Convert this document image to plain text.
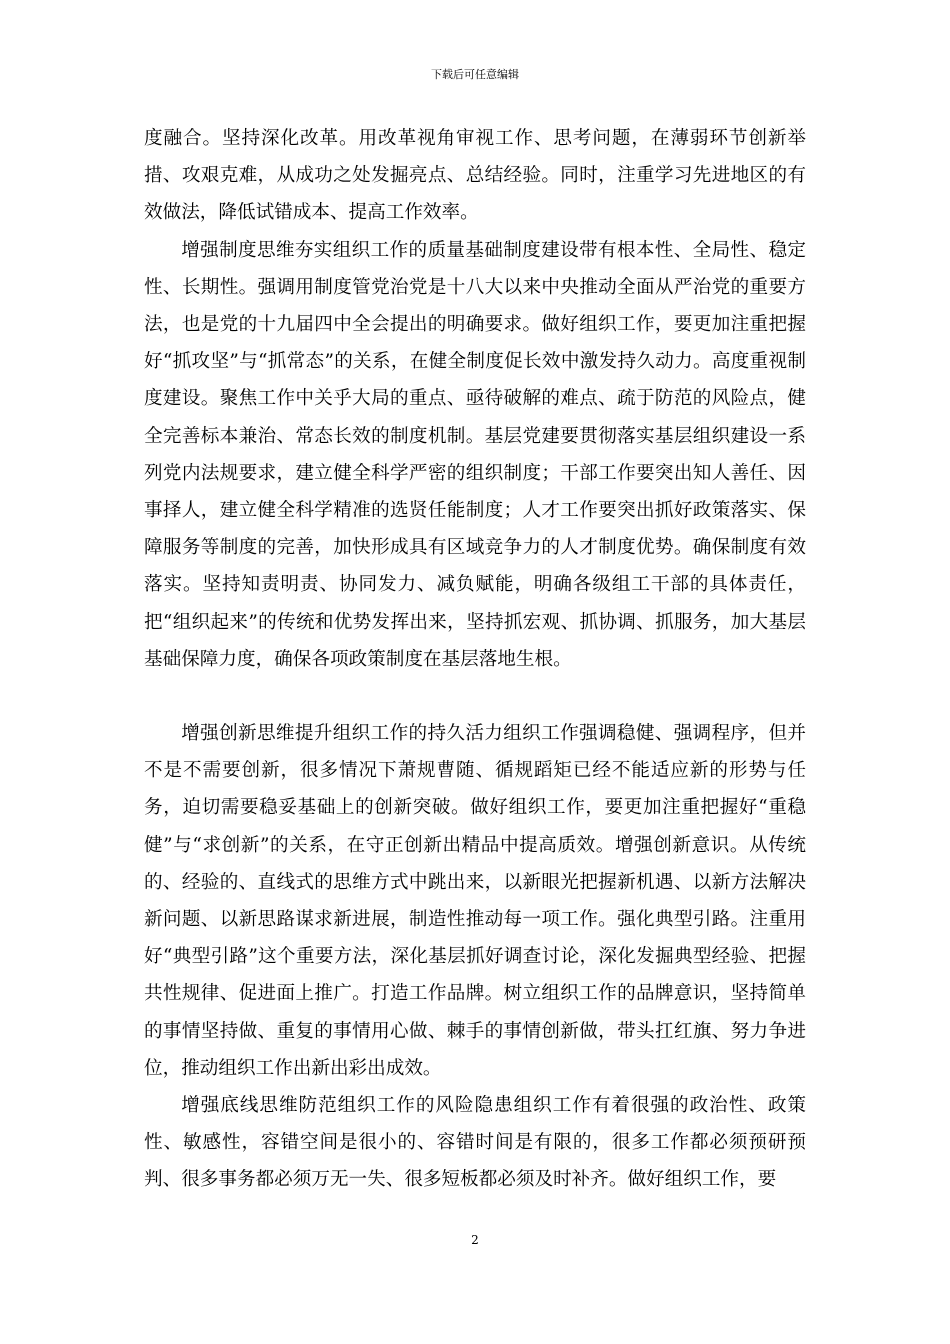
下载后可任意编辑

度融合。坚持深化改革。用改革视角审视工作、思考问题，在薄弱环节创新举措、攻艰克难，从成功之处发掘亮点、总结经验。同时，注重学习先进地区的有效做法，降低试错成本、提高工作效率。

增强制度思维夯实组织工作的质量基础制度建设带有根本性、全局性、稳定性、长期性。强调用制度管党治党是十八大以来中央推动全面从严治党的重要方法，也是党的十九届四中全会提出的明确要求。做好组织工作，要更加注重把握好“抓攻坚”与“抓常态”的关系，在健全制度促长效中激发持久动力。高度重视制度建设。聚焦工作中关乎大局的重点、亟待破解的难点、疏于防范的风险点，健全完善标本兼治、常态长效的制度机制。基层党建要贯彻落实基层组织建设一系列党内法规要求，建立健全科学严密的组织制度；干部工作要突出知人善任、因事择人，建立健全科学精准的选贤任能制度；人才工作要突出抓好政策落实、保障服务等制度的完善，加快形成具有区域竞争力的人才制度优势。确保制度有效落实。坚持知责明责、协同发力、减负赋能，明确各级组工干部的具体责任，把“组织起来”的传统和优势发挥出来，坚持抓宏观、抓协调、抓服务，加大基层基础保障力度，确保各项政策制度在基层落地生根。

增强创新思维提升组织工作的持久活力组织工作强调稳健、强调程序，但并不是不需要创新，很多情况下萧规曹随、循规蹈矩已经不能适应新的形势与任务，迫切需要稳妥基础上的创新突破。做好组织工作，要更加注重把握好“重稳健”与“求创新”的关系，在守正创新出精品中提高质效。增强创新意识。从传统的、经验的、直线式的思维方式中跳出来，以新眼光把握新机遇、以新方法解决新问题、以新思路谋求新进展，制造性推动每一项工作。强化典型引路。注重用好“典型引路”这个重要方法，深化基层抓好调查讨论，深化发掘典型经验、把握共性规律、促进面上推广。打造工作品牌。树立组织工作的品牌意识，坚持简单的事情坚持做、重复的事情用心做、棘手的事情创新做，带头扛红旗、努力争进位，推动组织工作出新出彩出成效。

增强底线思维防范组织工作的风险隐患组织工作有着很强的政治性、政策性、敏感性，容错空间是很小的、容错时间是有限的，很多工作都必须预研预判、很多事务都必须万无一失、很多短板都必须及时补齐。做好组织工作，要

2
